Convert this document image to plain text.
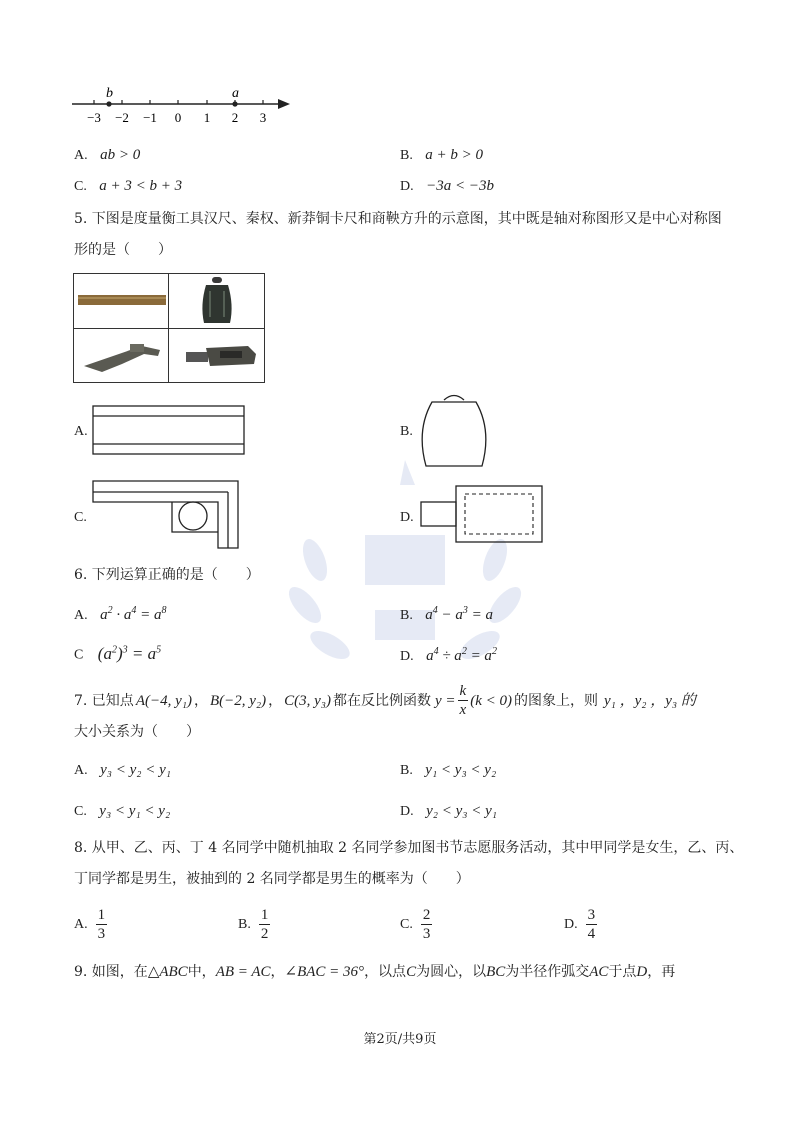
b	a
−3 −2 −1 0 1 2 3
A. ab > 0	B. a + b > 0
C. a + 3 < b + 3	D. −3a < −3b
5. 下图是度量衡工具汉尺、秦权、新莽铜卡尺和商鞅方升的示意图，其中既是轴对称图形又是中心对称图
形的是（　　）
A.	B.
C.	D.
6. 下列运算正确的是（　　）
A. $a^2 \cdot a^4 = a^8$	B. $a^4 - a^3 = a$
C $(a^2)^3 = a^5$	D. $a^4 \div a^2 = a^2$
7. 已知点 A(−4, y₁) ， B(−2, y₂) ， C(3, y₃) 都在反比例函数 $y = \frac{k}{x} (k < 0)$ 的图象上，则 y₁ ，y₂ ，y₃ 的
大小关系为（　　）
A. y₃ < y₂ < y₁	B. y₁ < y₃ < y₂
C. y₃ < y₁ < y₂	D. y₂ < y₃ < y₁
8. 从甲、乙、丙、丁 4 名同学中随机抽取 2 名同学参加图书节志愿服务活动，其中甲同学是女生，乙、丙、
丁同学都是男生，被抽到的 2 名同学都是男生的概率为（　　）
A. $\frac{1}{3}$	B. $\frac{1}{2}$	C. $\frac{2}{3}$	D. $\frac{3}{4}$
9. 如图，在 △ABC 中， AB = AC ， ∠BAC = 36° ，以点 C 为圆心，以 BC 为半径作弧交 AC 于点 D ，再
第2页/共9页
